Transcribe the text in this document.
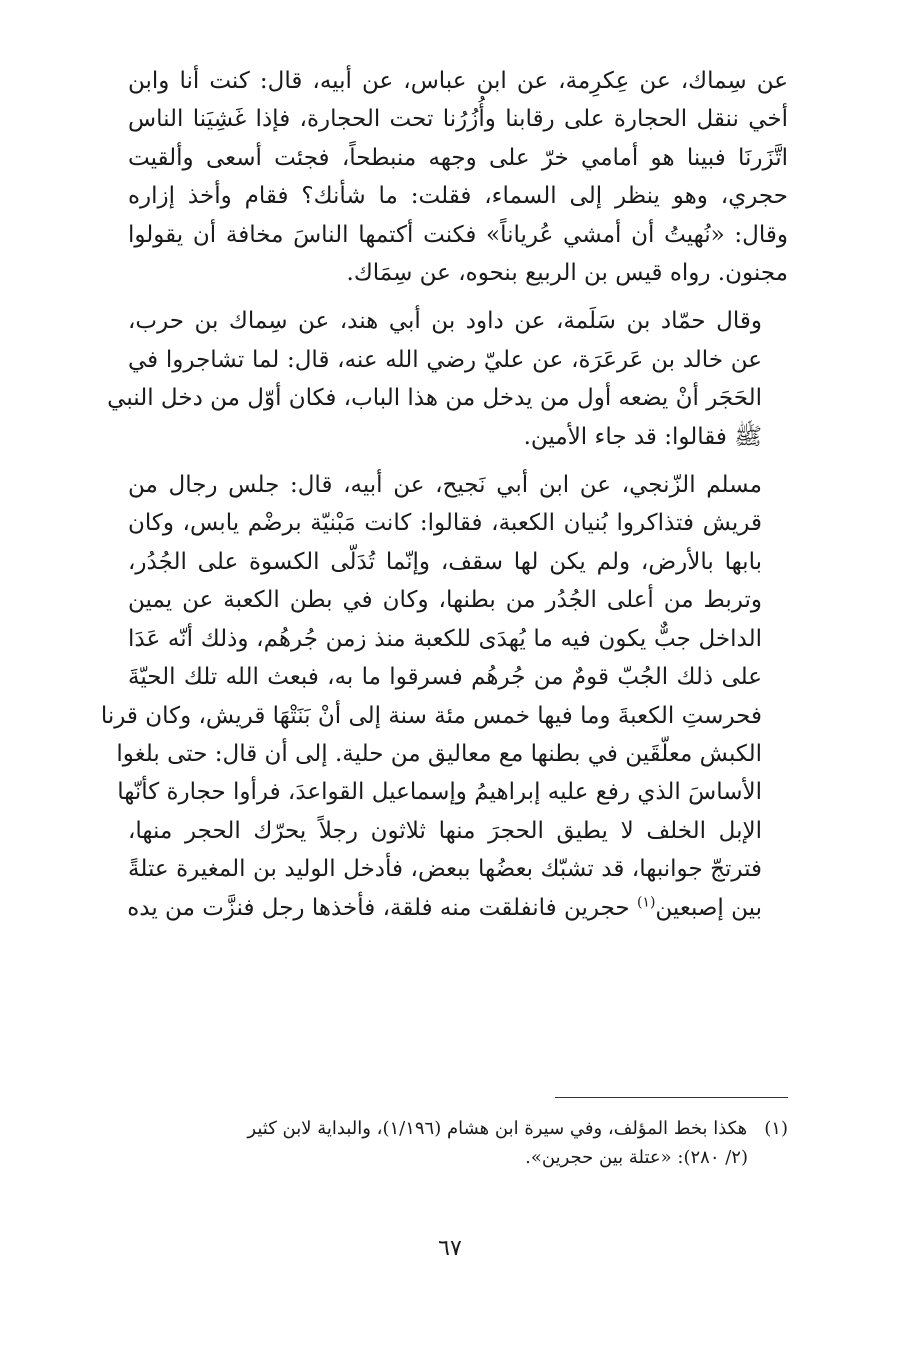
عن سِماك، عن عِكرِمة، عن ابن عباس، عن أبيه، قال: كنت أنا وابن
أخي ننقل الحجارة على رقابنا وأُزُرُنا تحت الحجارة، فإذا غَشِيَنا الناس
اتَّزَرنَا فبينا هو أمامي خرّ على وجهه منبطحاً، فجئت أسعى وألقيت
حجري، وهو ينظر إلى السماء، فقلت: ما شأنك؟ فقام وأخذ إزاره
وقال: «نُهيتُ أن أمشي عُرياناً» فكنت أكتمها الناسَ مخافة أن يقولوا
مجنون. رواه قيس بن الربيع بنحوه، عن سِمَاك.

وقال حمّاد بن سَلَمة، عن داود بن أبي هند، عن سِماك بن حرب،
عن خالد بن عَرعَرَة، عن عليّ رضي الله عنه، قال: لما تشاجروا في
الحَجَر أنْ يضعه أول من يدخل من هذا الباب، فكان أوّل من دخل النبي
ﷺ فقالوا: قد جاء الأمين.

مسلم الزّنجي، عن ابن أبي نَجيح، عن أبيه، قال: جلس رجال من
قريش فتذاكروا بُنيان الكعبة، فقالوا: كانت مَبْنيّة برضْم يابس، وكان
بابها بالأرض، ولم يكن لها سقف، وإنّما تُدَلّى الكسوة على الجُدُر،
وتربط من أعلى الجُدُر من بطنها، وكان في بطن الكعبة عن يمين
الداخل جبٌّ يكون فيه ما يُهدَى للكعبة منذ زمن جُرهُم، وذلك أنّه عَدَا
على ذلك الجُبّ قومٌ من جُرهُم فسرقوا ما به، فبعث الله تلك الحيّةَ
فحرستِ الكعبةَ وما فيها خمس مئة سنة إلى أنْ بَنَتْهَا قريش، وكان قرنا
الكبش معلّقَين في بطنها مع معاليق من حلية. إلى أن قال: حتى بلغوا
الأساسَ الذي رفع عليه إبراهيمُ وإسماعيل القواعدَ، فرأوا حجارة كأنّها
الإبل الخلف لا يطيق الحجرَ منها ثلاثون رجلاً يحرّك الحجر منها،
فترتجّ جوانبها، قد تشبّك بعضُها ببعض، فأدخل الوليد بن المغيرة عتلةً
بين إصبعين$^{(١)}$ حجرين فانفلقت منه فلقة، فأخذها رجل فنزَّت من يده

(١)   هكذا بخط المؤلف، وفي سيرة ابن هشام (١/١٩٦)، والبداية لابن كثير
(٢/ ٢٨٠): «عتلة بين حجرين».
٦٧
